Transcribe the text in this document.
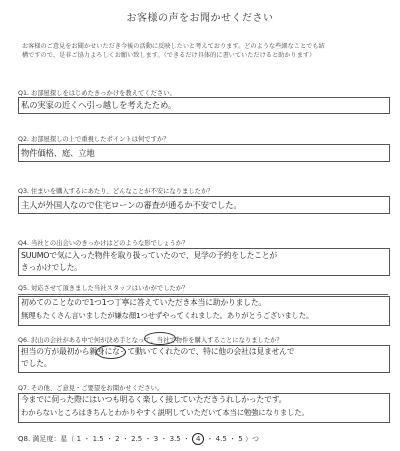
お客様の声をお聞かせください
お客様のご意見をお聞かせいただき今後の活動に反映したいと考えております。どのような些細なことでも結
構ですので、是非ご協力よろしくお願い致します。（できるだけ具体的に書いていただけると助かります）
Q1. お部屋探しをはじめたきっかけを教えてください。
私の実家の近くへ引っ越しを考えたため。
Q2. お部屋探しの上で重視したポイントは何ですか？
物件価格、庭、立地
Q3. 住まいを購入するにあたり、どんなことが不安になりましたか？
主人が外国人なので住宅ローンの審査が通るか不安でした。
Q4. 当社との出会いのきっかけはどのような形でしょうか？
SUUMOで気に入った物件を取り扱っていたので、見学の予約をしたことが
きっかけでした。
Q5. 対応させて頂きました当社スタッフはいかがでしたか？
初めてのことなので1つ1つ丁寧に答えていただき本当に助かりました。
無理もたくさん言いましたが嫌な顔1つせずやってくれました。ありがとうございました。
Q6. 沢山の会社がある中で何が決め手となって、当社で物件を購入することになりましたか？
担当の方が最初から親身になって動いてくれたので、特に他の会社は見ませんで
でした。
Q7. その他、ご意見・ご要望をお聞かせください。
今までに伺った際にはいつも明るく楽しく接していただきうれしかったです。
わからないところはきちんとわかりやすく説明していただいて本当に勉強になりました。
Q8. 満足度：星（ 1 ・ 1.5 ・ 2 ・ 2.5 ・ 3 ・ 3.5 ・ 4 ・ 4.5 ・ 5 ）つ
